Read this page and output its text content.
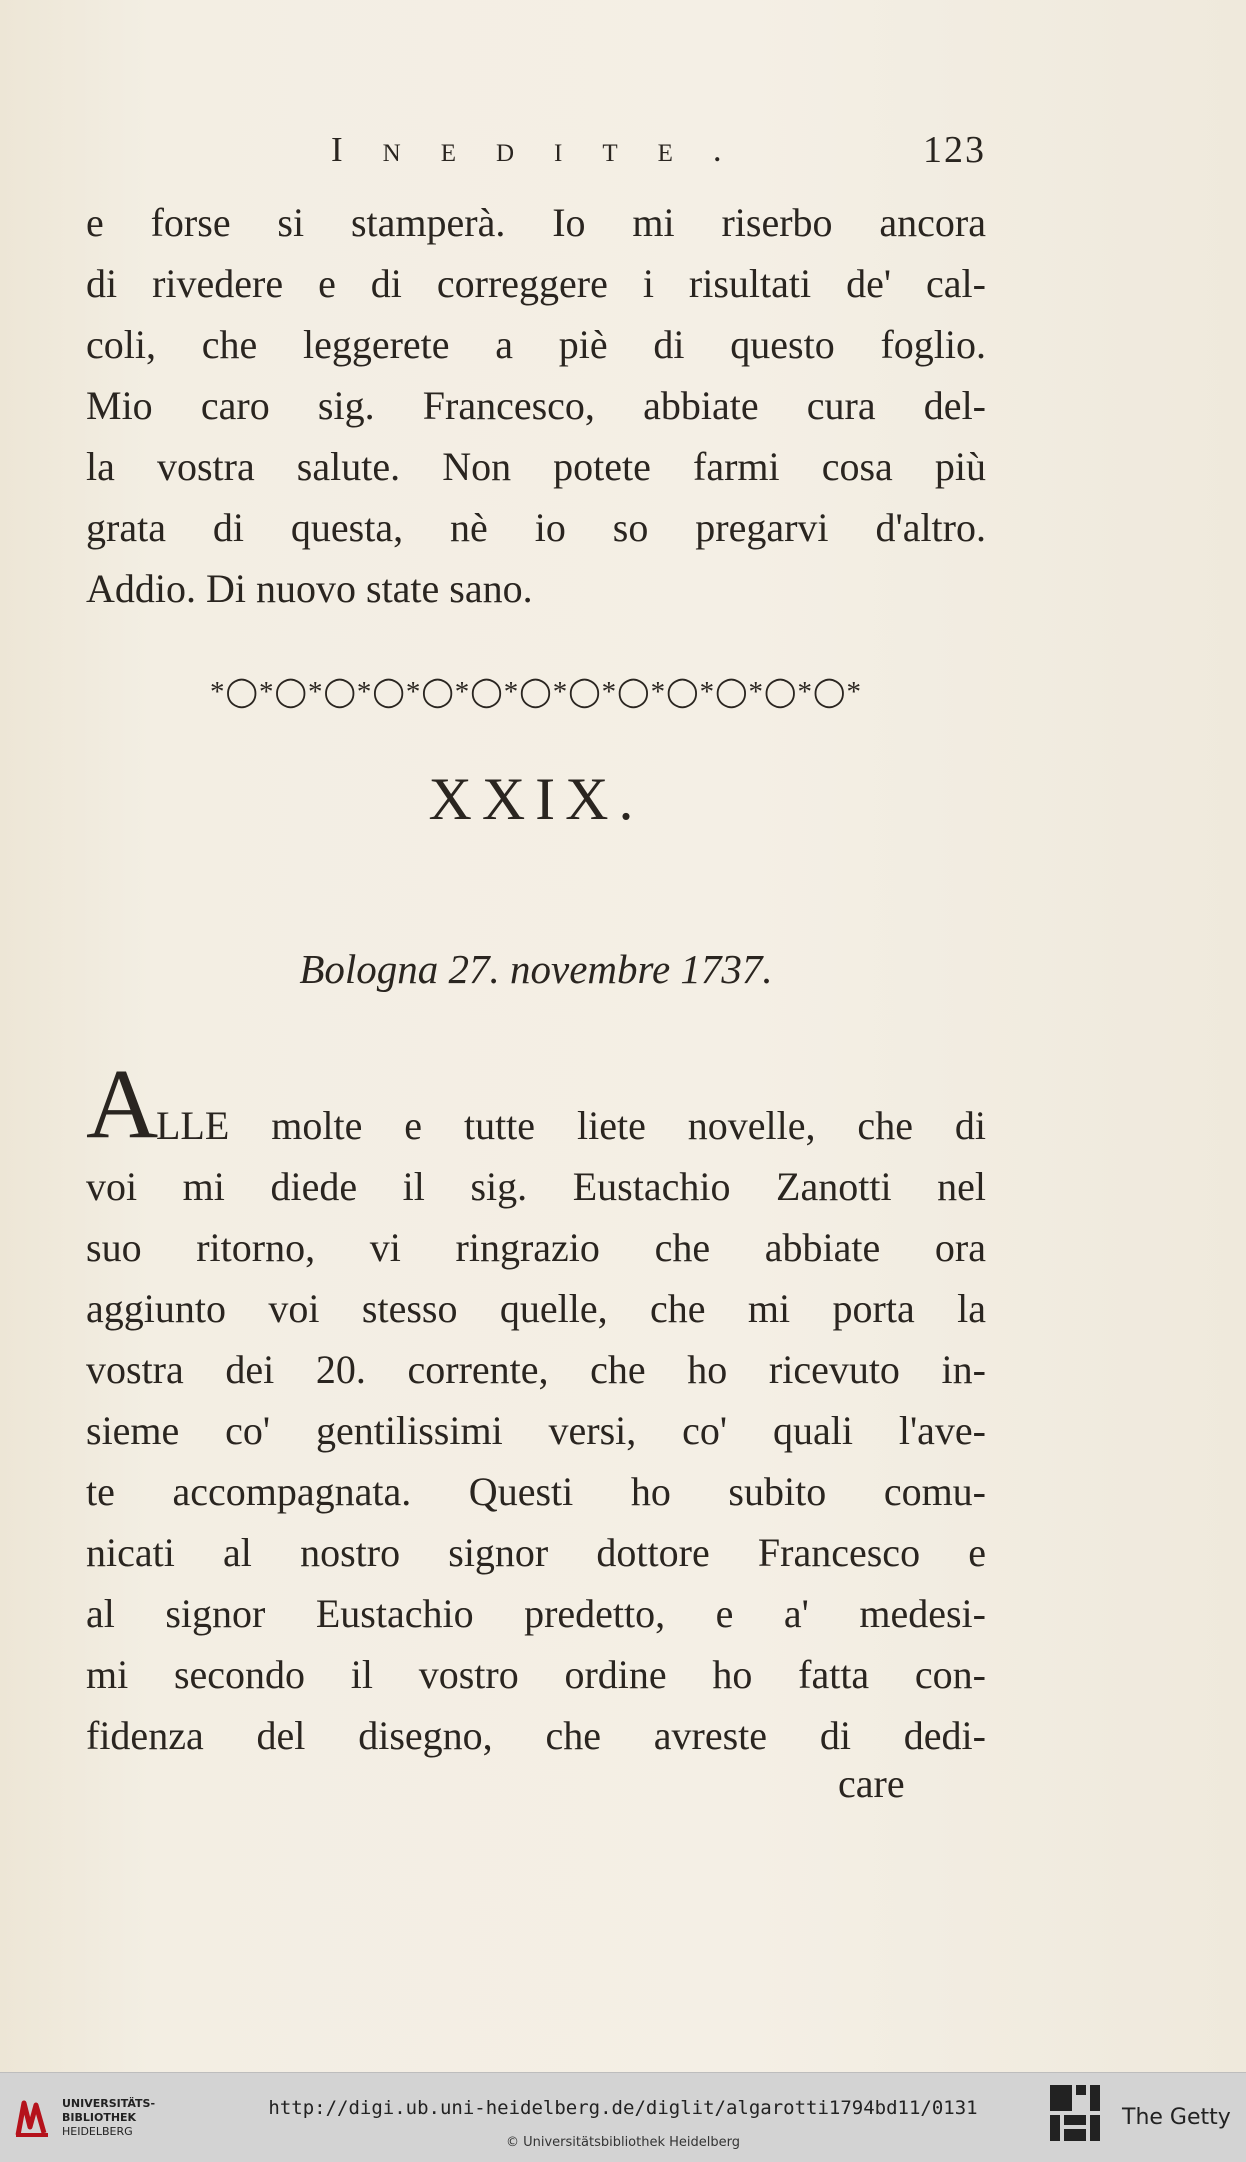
Inedite.	123
e forse si stamperà. Io mi riserbo ancora
di rivedere e di correggere i risultati de' cal-
coli, che leggerete a piè di questo foglio.
Mio caro sig. Francesco, abbiate cura del-
la vostra salute. Non potete farmi cosa più
grata di questa, nè io so pregarvi d'altro.
Addio. Di nuovo state sano.
*◯*◯*◯*◯*◯*◯*◯*◯*◯*◯*◯*◯*◯*
XXIX.
Bologna 27. novembre 1737.
A
LLE molte e tutte liete novelle, che di
voi mi diede il sig. Eustachio Zanotti nel
suo ritorno, vi ringrazio che abbiate ora
aggiunto voi stesso quelle, che mi porta la
vostra dei 20. corrente, che ho ricevuto in-
sieme co' gentilissimi versi, co' quali l'ave-
te accompagnata. Questi ho subito comu-
nicati al nostro signor dottore Francesco e
al signor Eustachio predetto, e a' medesi-
mi secondo il vostro ordine ho fatta con-
fidenza del disegno, che avreste di dedi-
care
UNIVERSITÄTS-
BIBLIOTHEK
HEIDELBERG
http://digi.ub.uni-heidelberg.de/diglit/algarotti1794bd11/0131
© Universitätsbibliothek Heidelberg
The Getty
